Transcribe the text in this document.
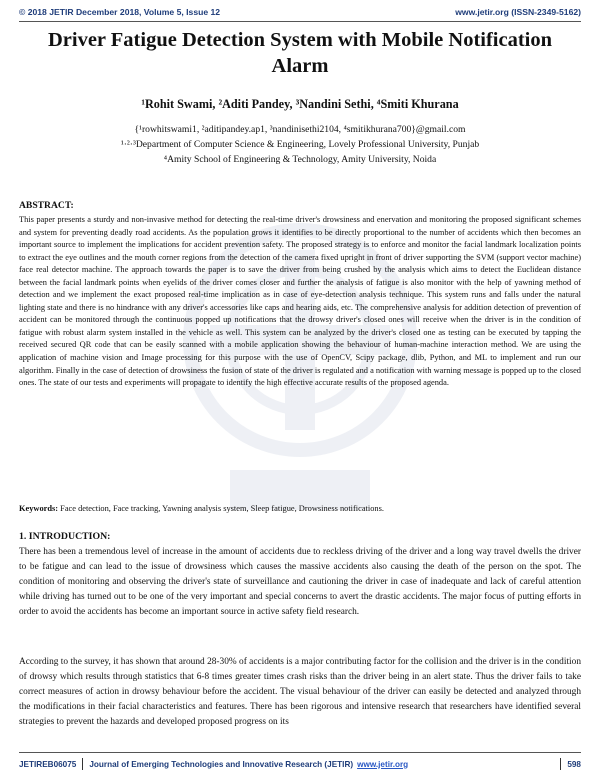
© 2018 JETIR December 2018, Volume 5, Issue 12	www.jetir.org (ISSN-2349-5162)
Driver Fatigue Detection System with Mobile Notification Alarm
¹Rohit Swami, ²Aditi Pandey, ³Nandini Sethi, ⁴Smiti Khurana
{¹rowhitswami1, ²aditipandey.ap1, ³nandinisethi2104, ⁴smitikhurana700}@gmail.com
¹·²·³Department of Computer Science & Engineering, Lovely Professional University, Punjab
⁴Amity School of Engineering & Technology, Amity University, Noida
ABSTRACT:
This paper presents a sturdy and non-invasive method for detecting the real-time driver's drowsiness and enervation and monitoring the proposed significant schemes and system for preventing deadly road accidents. As the population grows it identifies to be directly proportional to the number of accidents which then becomes an important source to implement the implications for accident prevention safety. The proposed strategy is to enforce and monitor the facial landmark localization points to extract the eye outlines and the mouth corner regions from the detection of the camera fixed upright in front of driver supporting the SVM (support vector machine) face real detector machine. The approach towards the paper is to save the driver from being crushed by the analysis which aims to detect the Euclidean distance between the facial landmark points when eyelids of the driver comes closer and further the analysis of fatigue is also monitor with the help of yawning method of detection and we implement the exact proposed real-time implication as in case of eye-detection analysis technique. This system runs and falls under the natural lighting state and there is no hindrance with any driver's accessories like caps and hearing aids, etc. The comprehensive analysis for addition detection of prevention of accident can be monitored through the continuous popped up notifications that the drowsy driver's closed ones will receive when the driver is in the condition of fatigue with robust alarm system installed in the vehicle as well. This system can be analyzed by the driver's closed one as testing can be executed by tapping the received secured QR code that can be easily scanned with a mobile application showing the behaviour of human-machine interaction method. We are using the application of machine vision and Image processing for this purpose with the use of OpenCV, Scipy package, dlib, Python, and ML to implement and run our algorithm. Finally in the case of detection of drowsiness the fusion of state of the driver is regulated and a notification with warning message is popped up to the closed ones. The state of our tests and experiments will propagate to identify the high effective accurate results of the proposed agenda.
Keywords: Face detection, Face tracking, Yawning analysis system, Sleep fatigue, Drowsiness notifications.
1. INTRODUCTION:
There has been a tremendous level of increase in the amount of accidents due to reckless driving of the driver and a long way travel dwells the driver to be fatigue and can lead to the issue of drowsiness which causes the massive accidents also causing the death of the person on the spot. The condition of monitoring and observing the driver's state of surveillance and cautioning the driver in case of inadequate and lack of careful attention while driving has turned out to be one of the very important and special concerns to avert the drastic accidents. The major focus of putting efforts in order to avoid the accidents has become an important source in active safety field research.
According to the survey, it has shown that around 28-30% of accidents is a major contributing factor for the collision and the driver is in the condition of drowsy which results through statistics that 6-8 times greater times crash risks than the driver being in an alert state. Thus the driver fails to take correct measures of action in drowsy behaviour before the accident. The visual behaviour of the driver can easily be detected and analyzed through the modifications in their facial characteristics and features. There has been rigorous and intensive research that researchers have identified several strategies to prevent the hazards and developed proposed progress on its
JETIREB06075 Journal of Emerging Technologies and Innovative Research (JETIR) www.jetir.org	598
